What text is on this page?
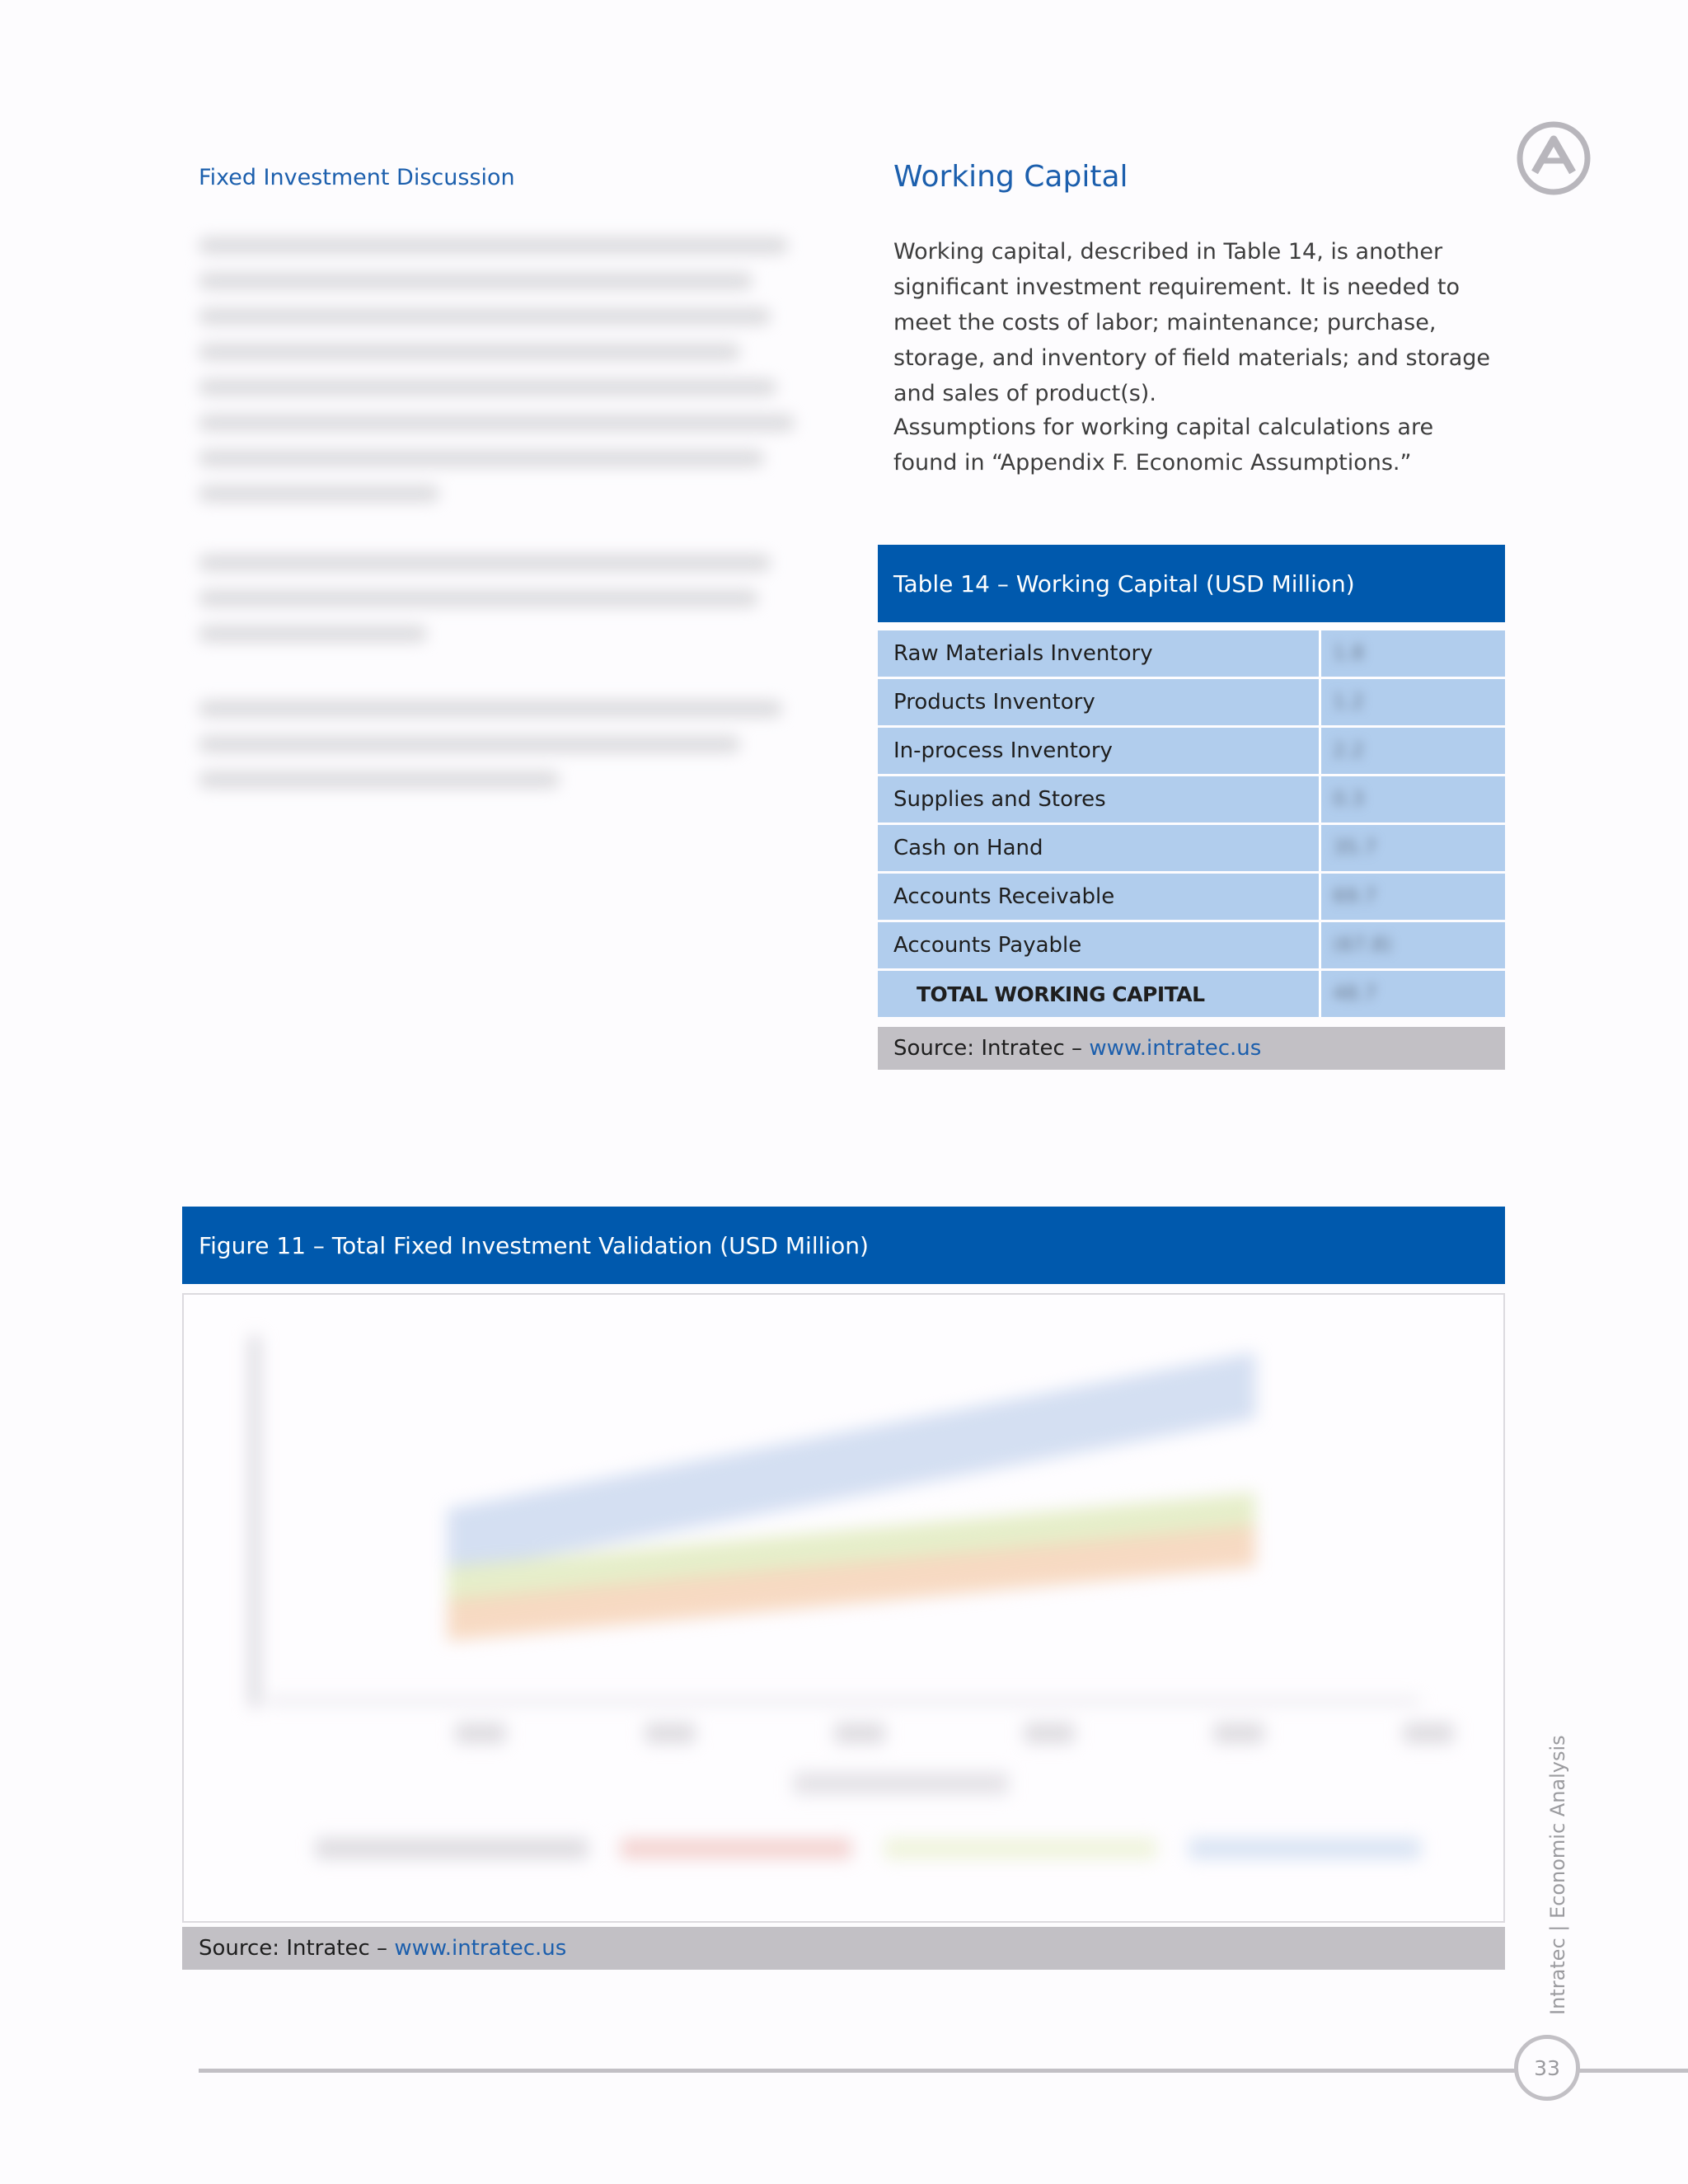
Fixed Investment Discussion	Working Capital
Working capital, described in Table 14, is another significant investment requirement. It is needed to meet the costs of labor; maintenance; purchase, storage, and inventory of field materials; and storage and sales of product(s).
Assumptions for working capital calculations are found in “Appendix F. Economic Assumptions.”
Table 14 – Working Capital (USD Million)
Raw Materials Inventory	1.8
Products Inventory	1.2
In-process Inventory	2.2
Supplies and Stores	0.3
Cash on Hand	35.7
Accounts Receivable	69.7
Accounts Payable	(67.8)
TOTAL WORKING CAPITAL	48.7
Source: Intratec –
www.intratec.us
Figure 11 – Total Fixed Investment Validation (USD Million)
Source: Intratec –
www.intratec.us	Intratec | Economic Analysis
33
